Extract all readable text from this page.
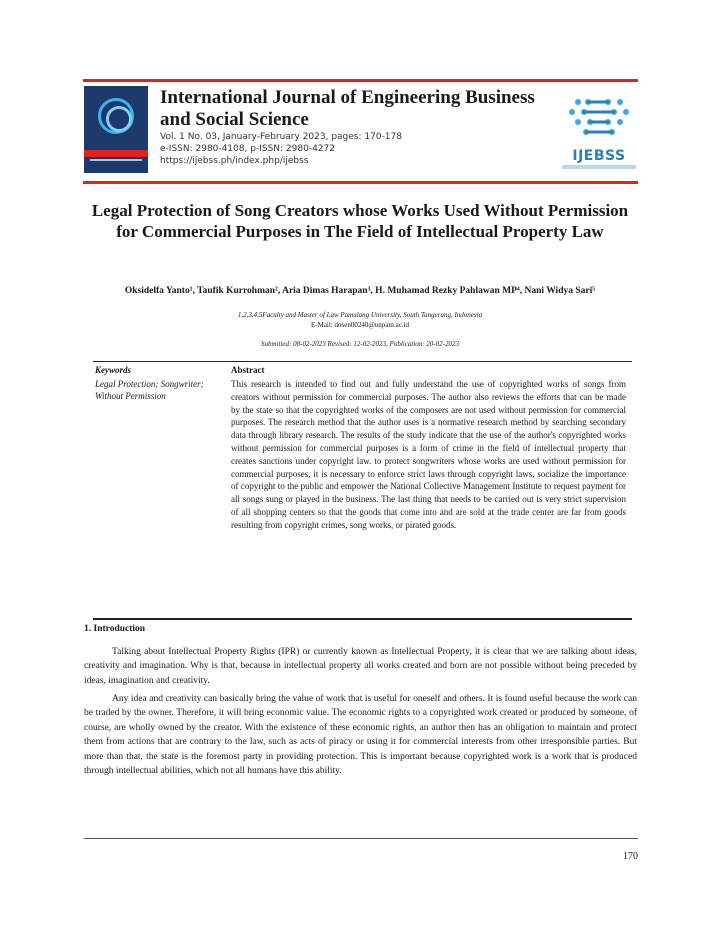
International Journal of Engineering Business and Social Science
Vol. 1 No. 03, January-February 2023, pages: 170-178
e-ISSN: 2980-4108, p-ISSN: 2980-4272
https://ijebss.ph/index.php/ijebss	IJEBSS
Legal Protection of Song Creators whose Works Used Without Permission for Commercial Purposes in The Field of Intellectual Property Law
Oksidelfa Yanto¹, Taufik Kurrohman², Aria Dimas Harapan³, H. Muhamad Rezky Pahlawan MP⁴, Nani Widya Sari⁵
1,2,3,4,5Faculty and Master of Law Pamulang University, South Tangerang, Indonesia
E-Mail: dosen00240@unpam.ac.id
Submitted: 08-02-2023 Revised: 12-02-2023, Publication: 20-02-2023
Keywords
Legal Protection; Songwriter; Without Permission
Abstract
This research is intended to find out and fully understand the use of copyrighted works of songs from creators without permission for commercial purposes. The author also reviews the efforts that can be made by the state so that the copyrighted works of the composers are not used without permission for commercial purposes. The research method that the author uses is a normative research method by searching secondary data through library research. The results of the study indicate that the use of the author's copyrighted works without permission for commercial purposes is a form of crime in the field of intellectual property that creates sanctions under copyright law. to protect songwriters whose works are used without permission for commercial purposes, it is necessary to enforce strict laws through copyright laws, socialize the importance of copyright to the public and empower the National Collective Management Institute to request payment for all songs sung or played in the business. The last thing that needs to be carried out is very strict supervision of all shopping centers so that the goods that come into and are sold at the trade center are far from goods resulting from copyright crimes, song works, or pirated goods.
1. Introduction
Talking about Intellectual Property Rights (IPR) or currently known as Intellectual Property, it is clear that we are talking about ideas, creativity and imagination. Why is that, because in intellectual property all works created and born are not possible without being preceded by ideas, imagination and creativity.
Any idea and creativity can basically bring the value of work that is useful for oneself and others. It is found useful because the work can be traded by the owner. Therefore, it will bring economic value. The economic rights to a copyrighted work created or produced by someone, of course, are wholly owned by the creator. With the existence of these economic rights, an author then has an obligation to maintain and protect them from actions that are contrary to the law, such as acts of piracy or using it for commercial interests from other irresponsible parties. But more than that, the state is the foremost party in providing protection. This is important because copyrighted work is a work that is produced through intellectual abilities, which not all humans have this ability.
170
